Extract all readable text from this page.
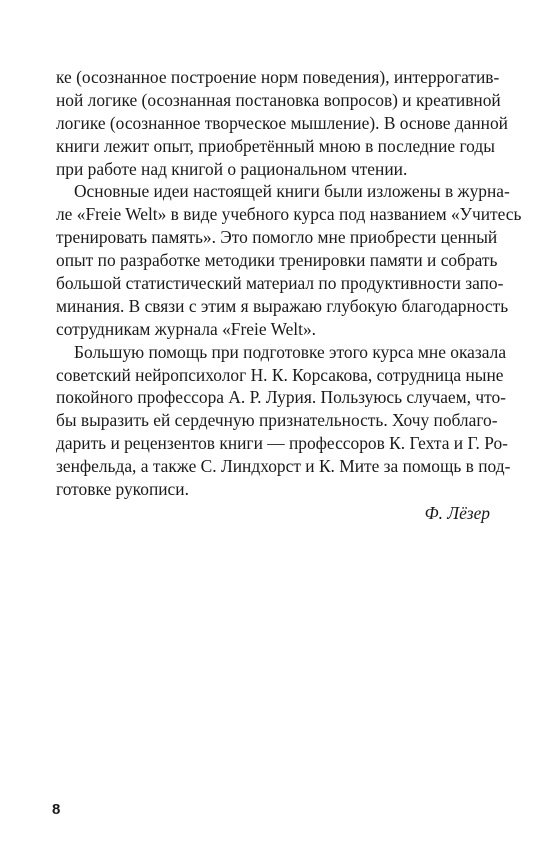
ке (осознанное построение норм поведения), интеррогатив-
ной логике (осознанная постановка вопросов) и креативной
логике (осознанное творческое мышление). В основе данной
книги лежит опыт, приобретённый мною в последние годы
при работе над книгой о рациональном чтении.
Основные идеи настоящей книги были изложены в журна-
ле «Freie Welt» в виде учебного курса под названием «Учитесь
тренировать память». Это помогло мне приобрести ценный
опыт по разработке методики тренировки памяти и собрать
большой статистический материал по продуктивности запо-
минания. В связи с этим я выражаю глубокую благодарность
сотрудникам журнала «Freie Welt».
Большую помощь при подготовке этого курса мне оказала
советский нейропсихолог Н. К. Корсакова, сотрудница ныне
покойного профессора А. Р. Лурия. Пользуюсь случаем, что-
бы выразить ей сердечную признательность. Хочу поблаго-
дарить и рецензентов книги — профессоров К. Гехта и Г. Ро-
зенфельда, а также С. Линдхорст и К. Мите за помощь в под-
готовке рукописи.
Ф. Лёзер
8
